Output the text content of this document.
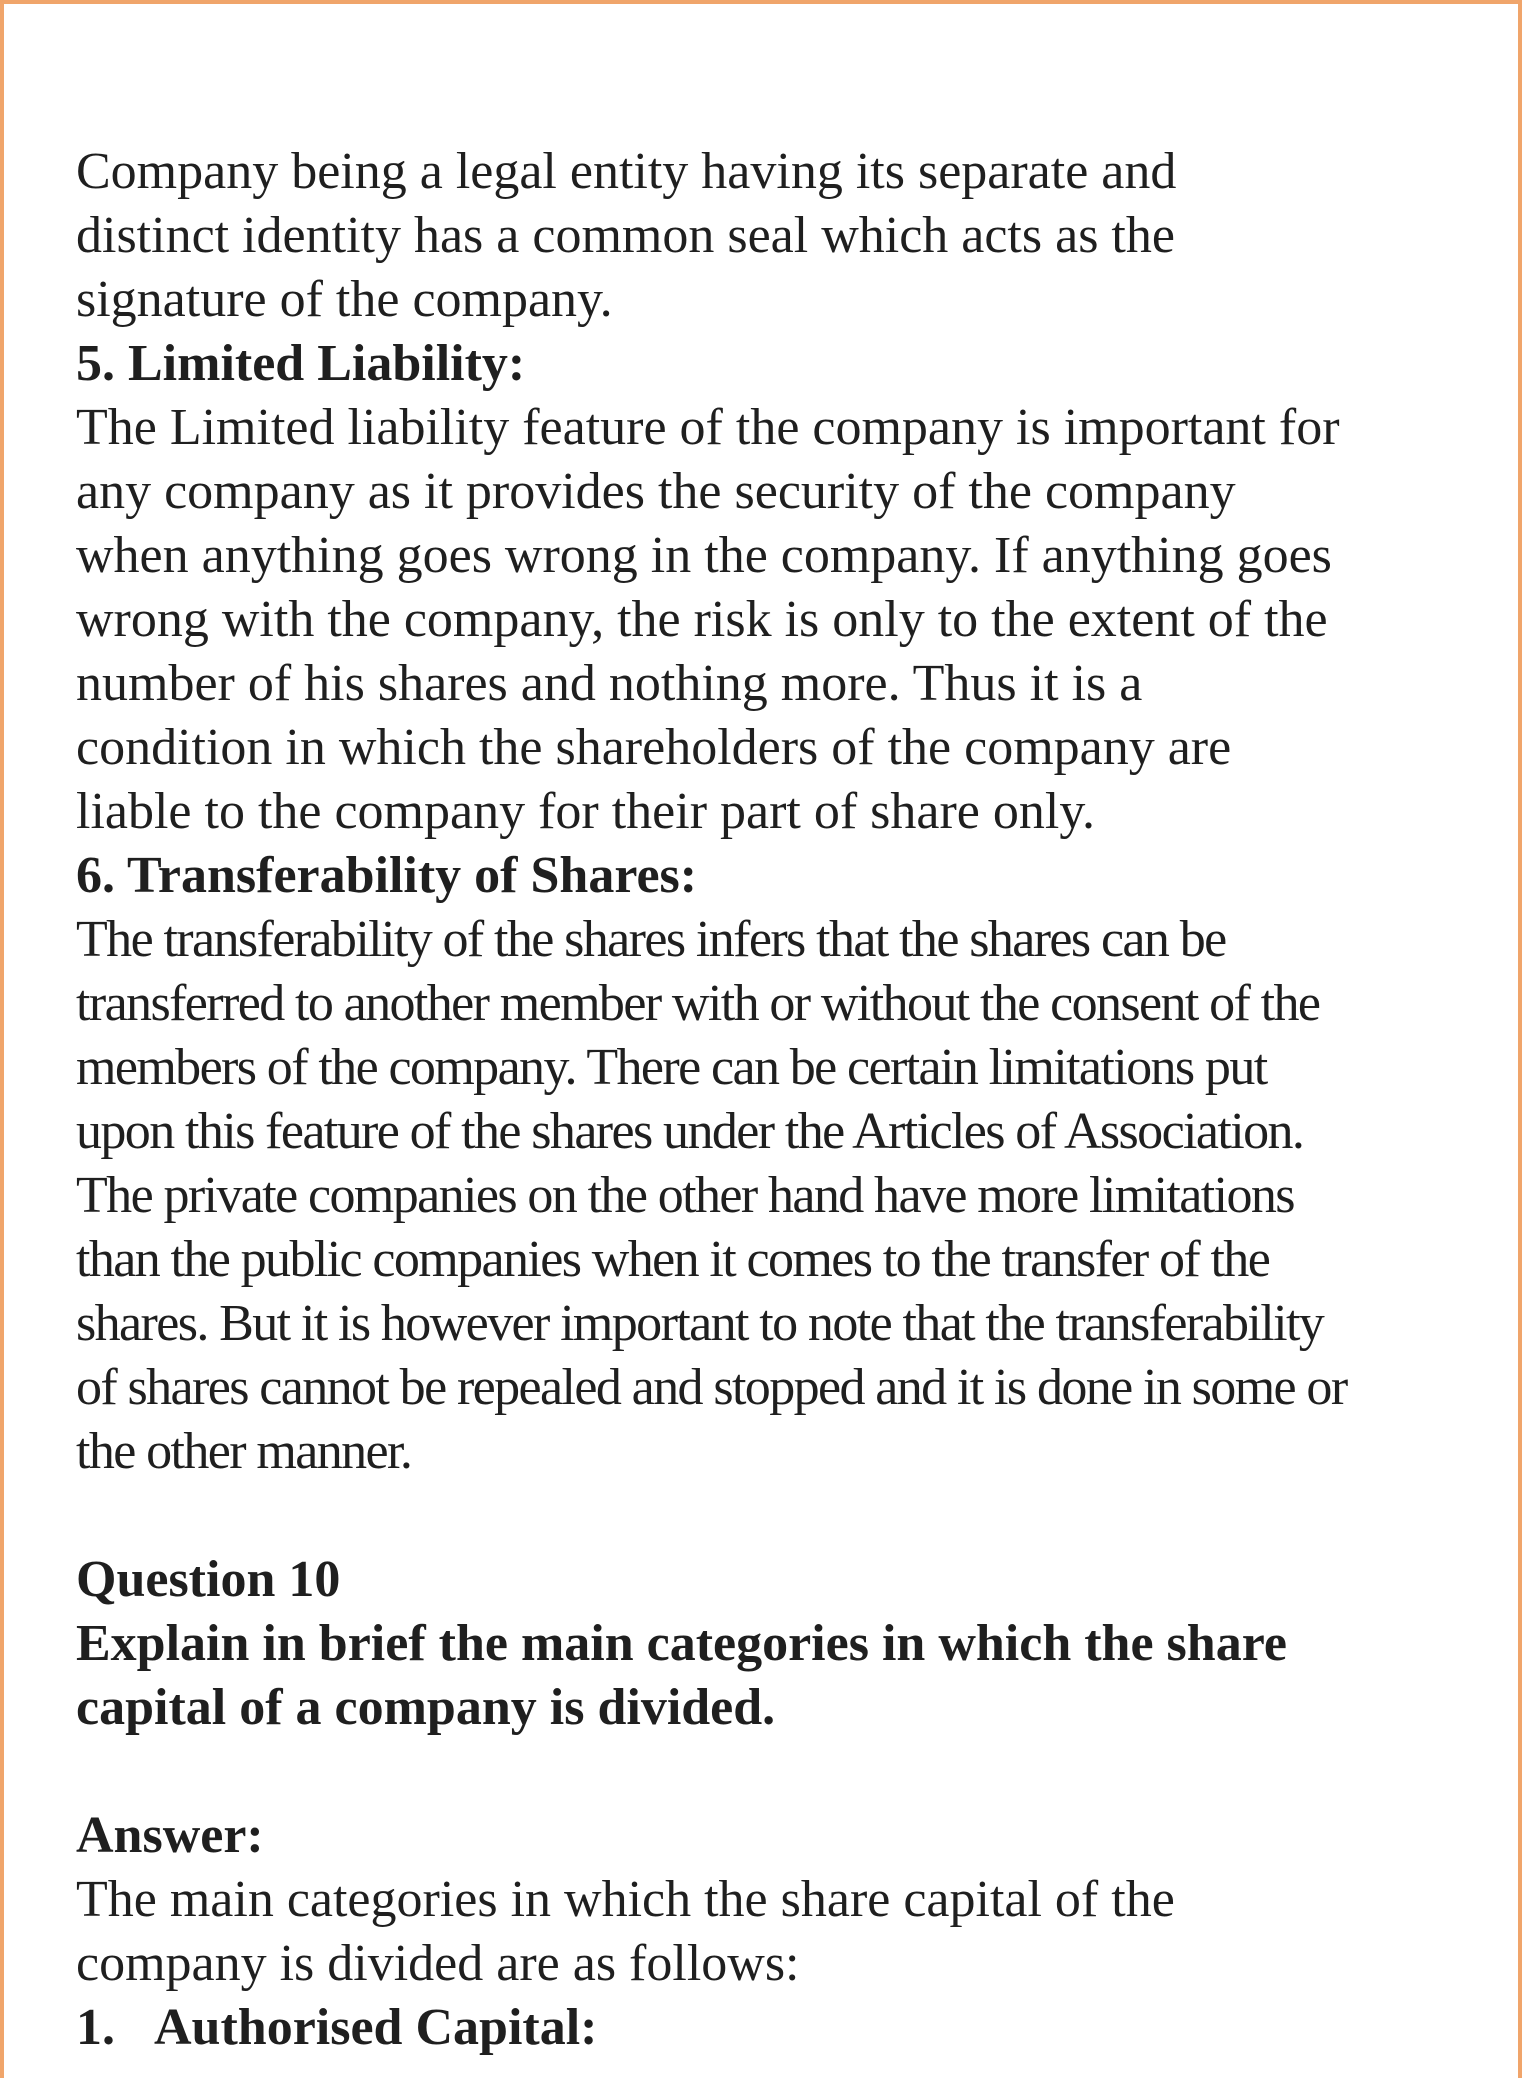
Company being a legal entity having its separate and
distinct identity has a common seal which acts as the
signature of the company.
5. Limited Liability:
The Limited liability feature of the company is important for
any company as it provides the security of the company
when anything goes wrong in the company. If anything goes
wrong with the company, the risk is only to the extent of the
number of his shares and nothing more. Thus it is a
condition in which the shareholders of the company are
liable to the company for their part of share only.
6. Transferability of Shares:
The transferability of the shares infers that the shares can be
transferred to another member with or without the consent of the
members of the company. There can be certain limitations put
upon this feature of the shares under the Articles of Association.
The private companies on the other hand have more limitations
than the public companies when it comes to the transfer of the
shares. But it is however important to note that the transferability
of shares cannot be repealed and stopped and it is done in some or
the other manner.
Question 10
Explain in brief the main categories in which the share
capital of a company is divided.
Answer:
The main categories in which the share capital of the
company is divided are as follows:
1. Authorised Capital:
